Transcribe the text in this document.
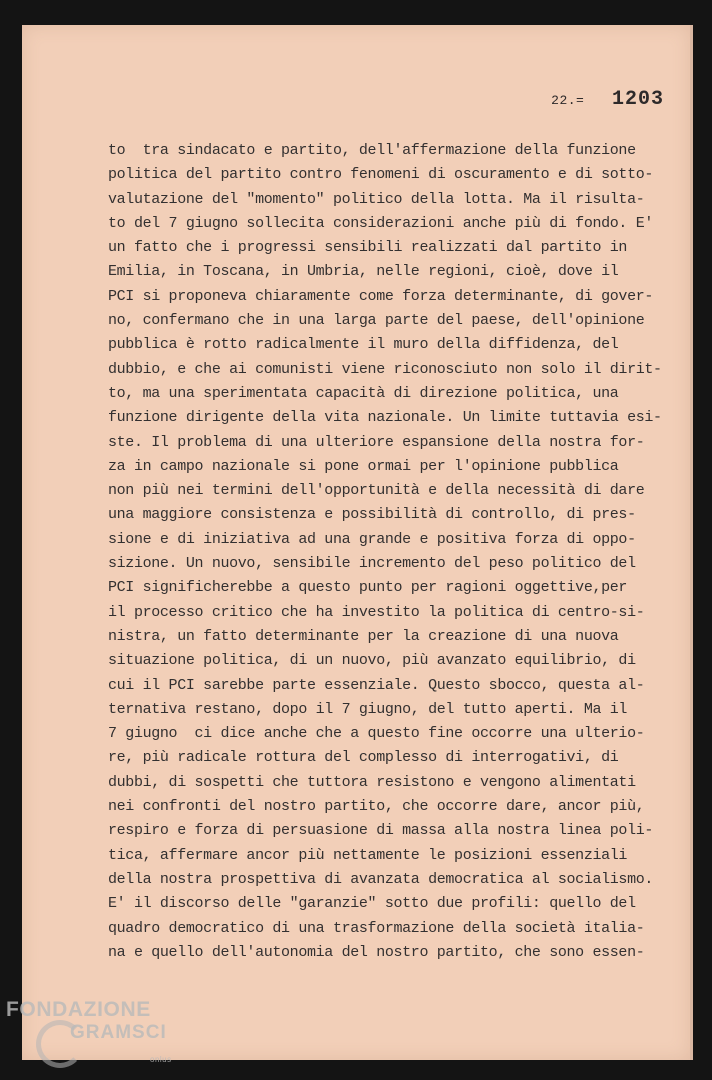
22.= 1203
to  tra sindacato e partito, dell'affermazione della funzione
politica del partito contro fenomeni di oscuramento e di sotto-
valutazione del "momento" politico della lotta. Ma il risulta-
to del 7 giugno sollecita considerazioni anche più di fondo. E'
un fatto che i progressi sensibili realizzati dal partito in
Emilia, in Toscana, in Umbria, nelle regioni, cioè, dove il
PCI si proponeva chiaramente come forza determinante, di gover-
no, confermano che in una larga parte del paese, dell'opinione
pubblica è rotto radicalmente il muro della diffidenza, del
dubbio, e che ai comunisti viene riconosciuto non solo il dirit-
to, ma una sperimentata capacità di direzione politica, una
funzione dirigente della vita nazionale. Un limite tuttavia esi-
ste. Il problema di una ulteriore espansione della nostra for-
za in campo nazionale si pone ormai per l'opinione pubblica
non più nei termini dell'opportunità e della necessità di dare
una maggiore consistenza e possibilità di controllo, di pres-
sione e di iniziativa ad una grande e positiva forza di oppo-
sizione. Un nuovo, sensibile incremento del peso politico del
PCI significherebbe a questo punto per ragioni oggettive,per
il processo critico che ha investito la politica di centro-si-
nistra, un fatto determinante per la creazione di una nuova
situazione politica, di un nuovo, più avanzato equilibrio, di
cui il PCI sarebbe parte essenziale. Questo sbocco, questa al-
ternativa restano, dopo il 7 giugno, del tutto aperti. Ma il
7 giugno  ci dice anche che a questo fine occorre una ulterio-
re, più radicale rottura del complesso di interrogativi, di
dubbi, di sospetti che tuttora resistono e vengono alimentati
nei confronti del nostro partito, che occorre dare, ancor più,
respiro e forza di persuasione di massa alla nostra linea poli-
tica, affermare ancor più nettamente le posizioni essenziali
della nostra prospettiva di avanzata democratica al socialismo.
E' il discorso delle "garanzie" sotto due profili: quello del
quadro democratico di una trasformazione della società italia-
na e quello dell'autonomia del nostro partito, che sono essen-
FONDAZIONE
GRAMSCI
onlus
